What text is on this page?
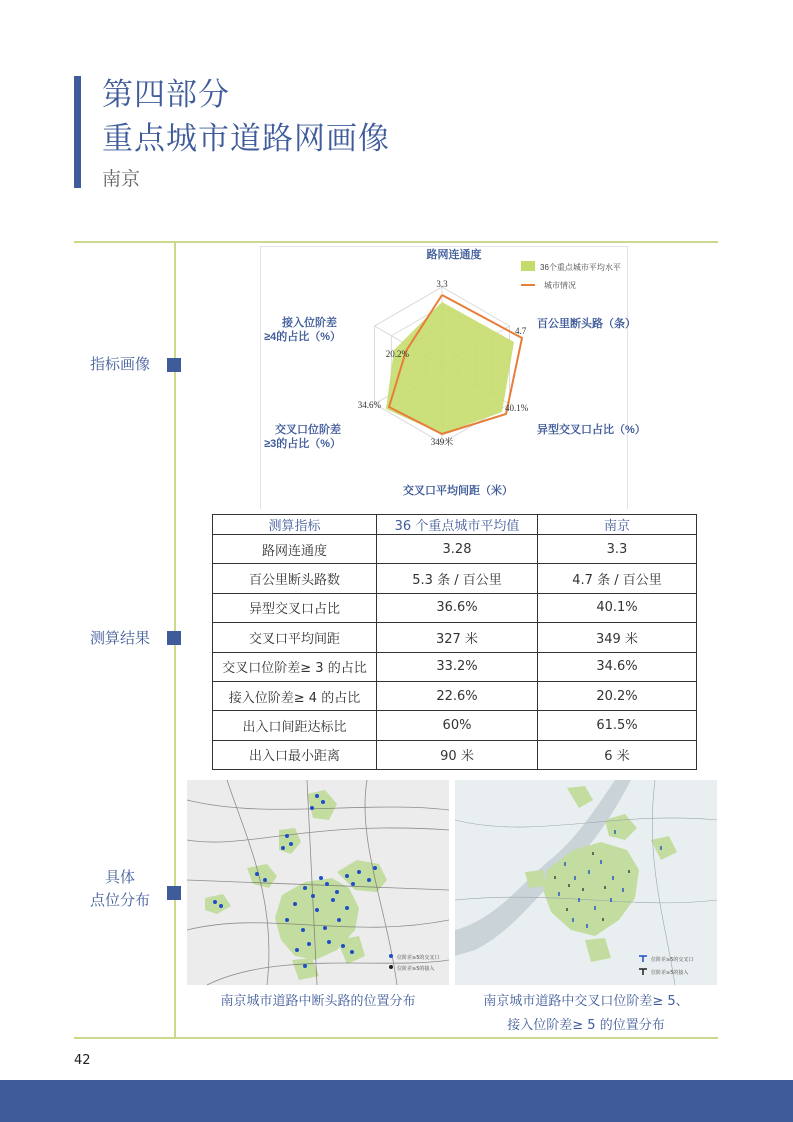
第四部分
重点城市道路网画像
南京
指标画像
测算结果
具体
点位分布
路网连通度
百公里断头路（条）
异型交叉口占比（%）
交叉口平均间距（米）
交叉口位阶差
≥3的占比（%）
接入位阶差
≥4的占比（%）
3.3
4.7
40.1%
349米
34.6%
20.2%
36个重点城市平均水平
城市情况
测算指标	36 个重点城市平均值	南京
路网连通度	3.28	3.3
百公里断头路数	5.3 条 / 百公里	4.7 条 / 百公里
异型交叉口占比	36.6%	40.1%
交叉口平均间距	327 米	349 米
交叉口位阶差≥ 3 的占比	33.2%	34.6%
接入位阶差≥ 4 的占比	22.6%	20.2%
出入口间距达标比	60%	61.5%
出入口最小距离	90 米	6 米
位阶差≥5的交叉口
位阶差≥5的接入
位阶差≥5的交叉口
位阶差≥5的接入
南京城市道路中断头路的位置分布	南京城市道路中交叉口位阶差≥ 5、
接入位阶差≥ 5 的位置分布
42
